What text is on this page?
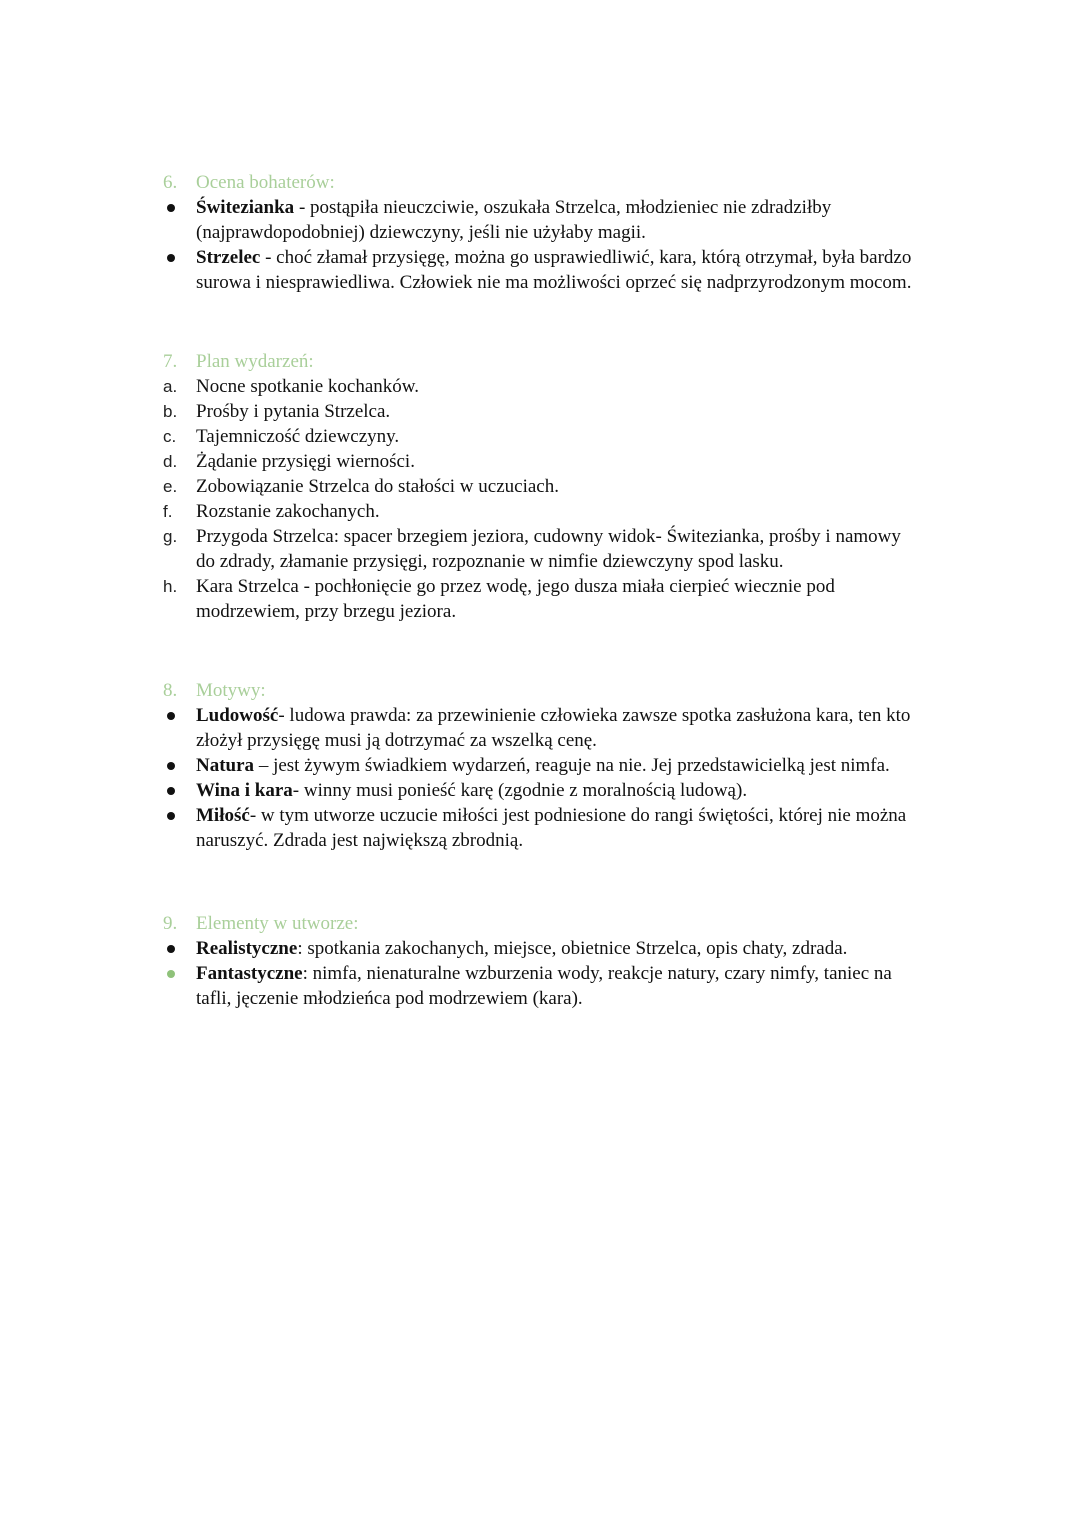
6. Ocena bohaterów:
Świtezianka - postąpiła nieuczciwie, oszukała Strzelca, młodzieniec nie zdradziłby
(najprawdopodobniej) dziewczyny, jeśli nie użyłaby magii.
Strzelec - choć złamał przysięgę, można go usprawiedliwić, kara, którą otrzymał, była bardzo
surowa i niesprawiedliwa. Człowiek nie ma możliwości oprzeć się nadprzyrodzonym mocom.
7. Plan wydarzeń:
a. Nocne spotkanie kochanków.
b. Prośby i pytania Strzelca.
c. Tajemniczość dziewczyny.
d. Żądanie przysięgi wierności.
e. Zobowiązanie Strzelca do stałości w uczuciach.
f. Rozstanie zakochanych.
g. Przygoda Strzelca: spacer brzegiem jeziora, cudowny widok- Świtezianka, prośby i namowy
do zdrady, złamanie przysięgi, rozpoznanie w nimfie dziewczyny spod lasku.
h. Kara Strzelca - pochłonięcie go przez wodę, jego dusza miała cierpieć wiecznie pod
modrzewiem, przy brzegu jeziora.
8. Motywy:
Ludowość- ludowa prawda: za przewinienie człowieka zawsze spotka zasłużona kara, ten kto
złożył przysięgę musi ją dotrzymać za wszelką cenę.
Natura – jest żywym świadkiem wydarzeń, reaguje na nie. Jej przedstawicielką jest nimfa.
Wina i kara- winny musi ponieść karę (zgodnie z moralnością ludową).
Miłość- w tym utworze uczucie miłości jest podniesione do rangi świętości, której nie można
naruszyć. Zdrada jest największą zbrodnią.
9. Elementy w utworze:
Realistyczne: spotkania zakochanych, miejsce, obietnice Strzelca, opis chaty, zdrada.
Fantastyczne: nimfa, nienaturalne wzburzenia wody, reakcje natury, czary nimfy, taniec na
tafli, jęczenie młodzieńca pod modrzewiem (kara).
